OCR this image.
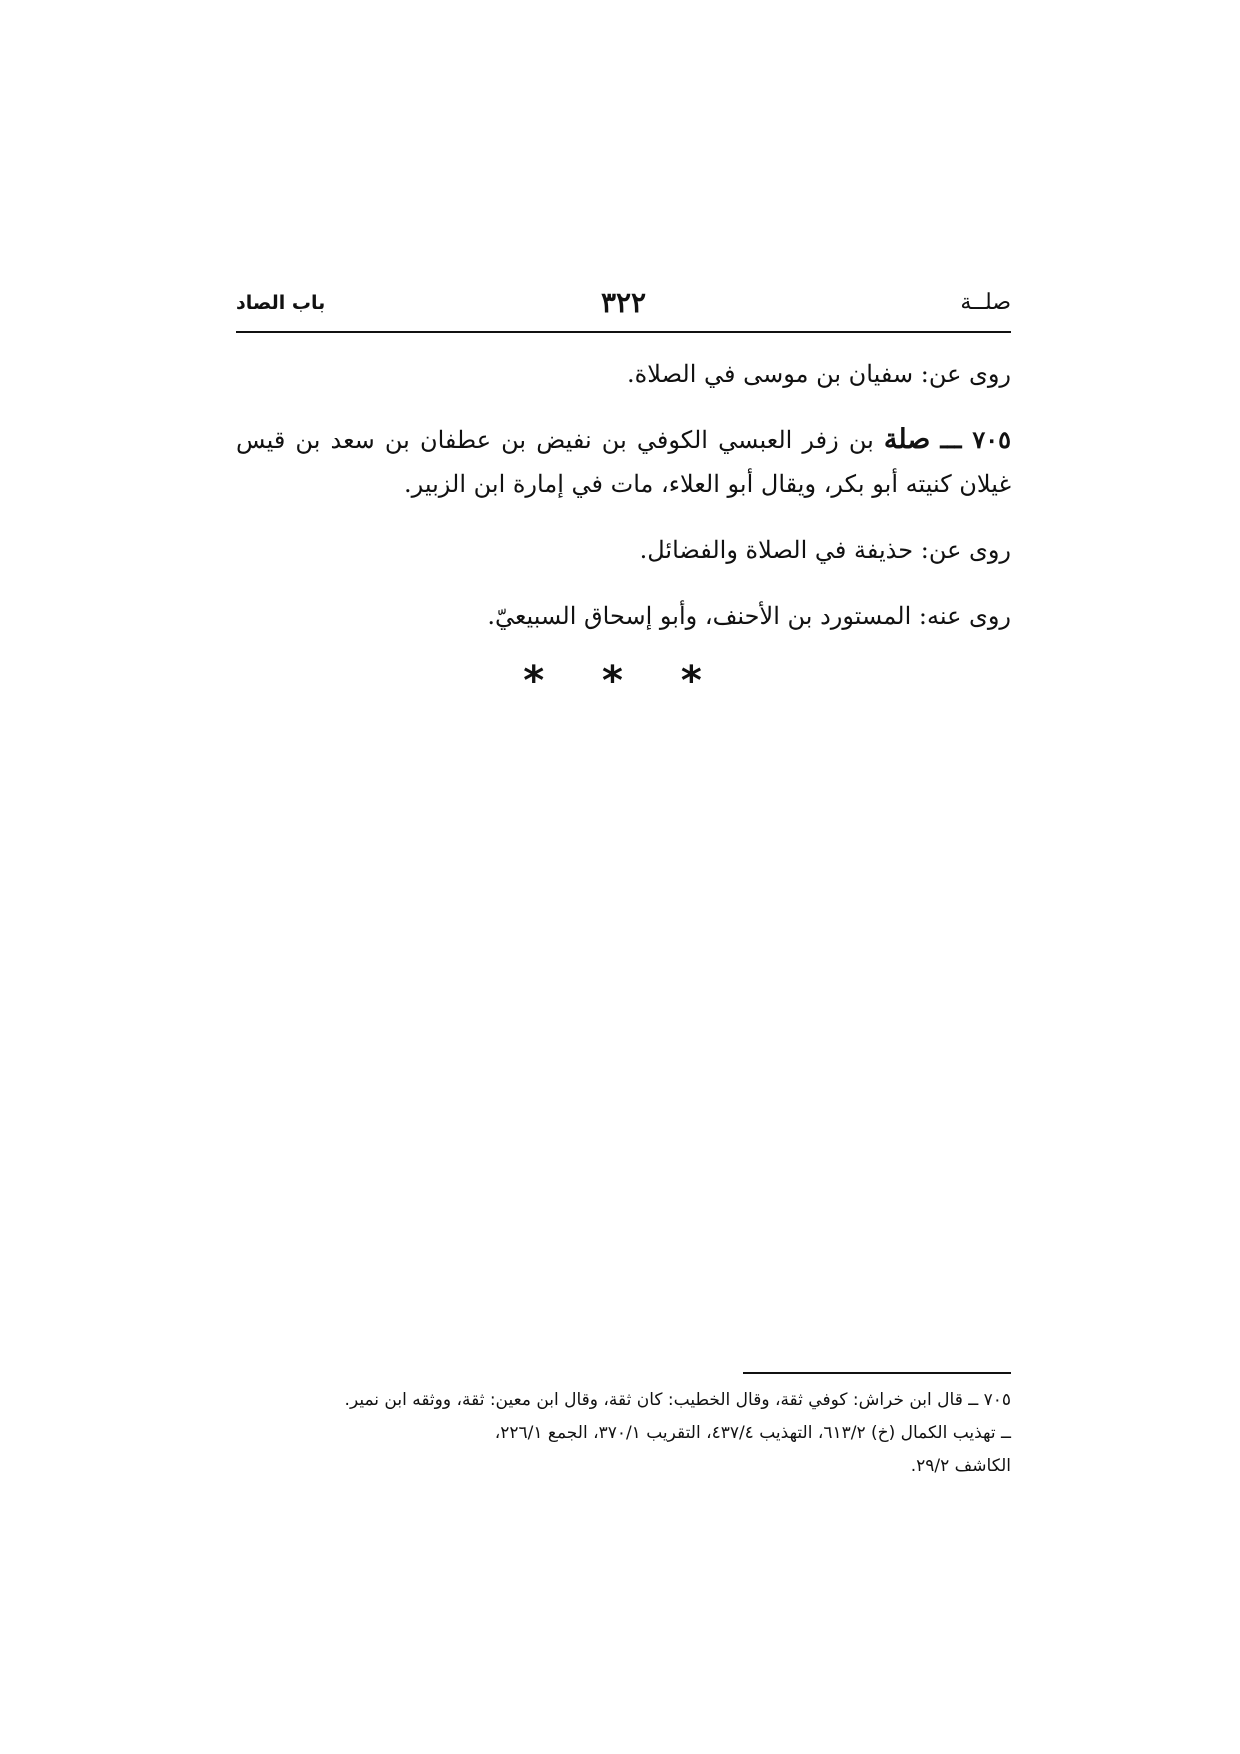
باب الصاد	٣٢٢	صلــة

روى عن: سفيان بن موسى في الصلاة.

٧٠٥ ـــ صلة بن زفر العبسي الكوفي بن نفيض بن عطفان بن سعد بن قيس غيلان كنيته أبو بكر، ويقال أبو العلاء، مات في إمارة ابن الزبير.

روى عن: حذيفة في الصلاة والفضائل.

روى عنه: المستورد بن الأحنف، وأبو إسحاق السبيعيّ.

* * *

٧٠٥ ــ قال ابن خراش: كوفي ثقة، وقال الخطيب: كان ثقة، وقال ابن معين: ثقة، ووثقه ابن نمير.

ــ تهذيب الكمال (خ) ٦١٣/٢، التهذيب ٤٣٧/٤، التقريب ٣٧٠/١، الجمع ٢٢٦/١،

الكاشف ٢٩/٢.
